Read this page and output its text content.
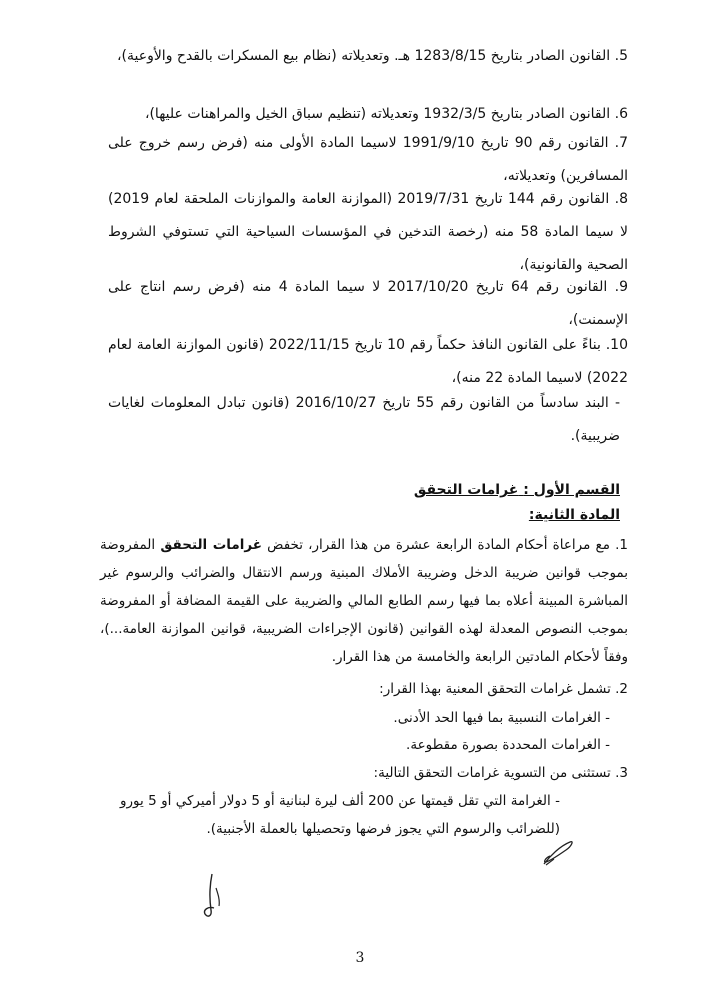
5. القانون الصادر بتاريخ 1283/8/15 هـ. وتعديلاته (نظام بيع المسكرات بالقدح والأوعية)،
6. القانون الصادر بتاريخ 1932/3/5 وتعديلاته (تنظيم سباق الخيل والمراهنات عليها)،
7. القانون رقم 90 تاريخ 1991/9/10 لاسيما المادة الأولى منه (فرض رسم خروج على المسافرين) وتعديلاته،
8. القانون رقم 144 تاريخ 2019/7/31 (الموازنة العامة والموازنات الملحقة لعام 2019) لا سيما المادة 58 منه (رخصة التدخين في المؤسسات السياحية التي تستوفي الشروط الصحية والقانونية)،
9. القانون رقم 64 تاريخ 2017/10/20 لا سيما المادة 4 منه (فرض رسم انتاج على الإسمنت)،
10. بناءً على القانون النافذ حكماً رقم 10 تاريخ 2022/11/15 (قانون الموازنة العامة لعام 2022) لاسيما المادة 22 منه)،
- البند سادساً من القانون رقم 55 تاريخ 2016/10/27 (قانون تبادل المعلومات لغايات ضريبية).
القسم الأول : غرامات التحقق
المادة الثانية:
1. مع مراعاة أحكام المادة الرابعة عشرة من هذا القرار، تخفض غرامات التحقق المفروضة بموجب قوانين ضريبة الدخل وضريبة الأملاك المبنية ورسم الانتقال والضرائب والرسوم غير المباشرة المبينة أعلاه بما فيها رسم الطابع المالي والضريبة على القيمة المضافة أو المفروضة بموجب النصوص المعدلة لهذه القوانين (قانون الإجراءات الضريبية، قوانين الموازنة العامة...)، وفقاً لأحكام المادتين الرابعة والخامسة من هذا القرار.
2. تشمل غرامات التحقق المعنية بهذا القرار:
- الغرامات النسبية بما فيها الحد الأدنى.
- الغرامات المحددة بصورة مقطوعة.
3. تستثنى من التسوية غرامات التحقق التالية:
- الغرامة التي تقل قيمتها عن 200 ألف ليرة لبنانية أو 5 دولار أميركي أو 5 يورو (للضرائب والرسوم التي يجوز فرضها وتحصيلها بالعملة الأجنبية).
3
